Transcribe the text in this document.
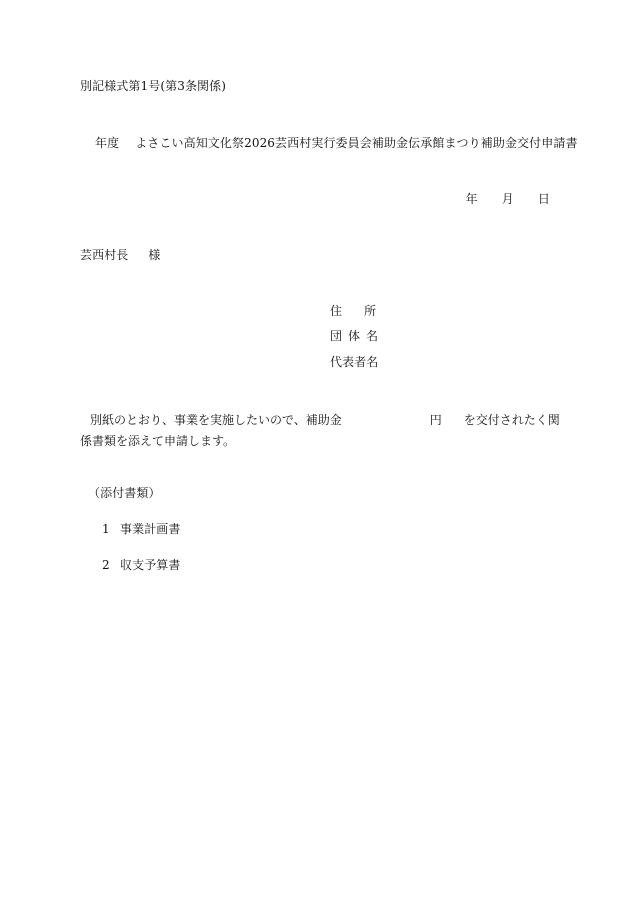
別記様式第1号(第3条関係)
年度 よさこい高知文化祭2026芸西村実行委員会補助金伝承館まつり補助金交付申請書
年 月 日
芸西村長 様
住 所
団体名
代表者名
別紙のとおり、事業を実施したいので、補助金	円 を交付されたく関
係書類を添えて申請します。
（添付書類）
1 事業計画書
2 収支予算書
